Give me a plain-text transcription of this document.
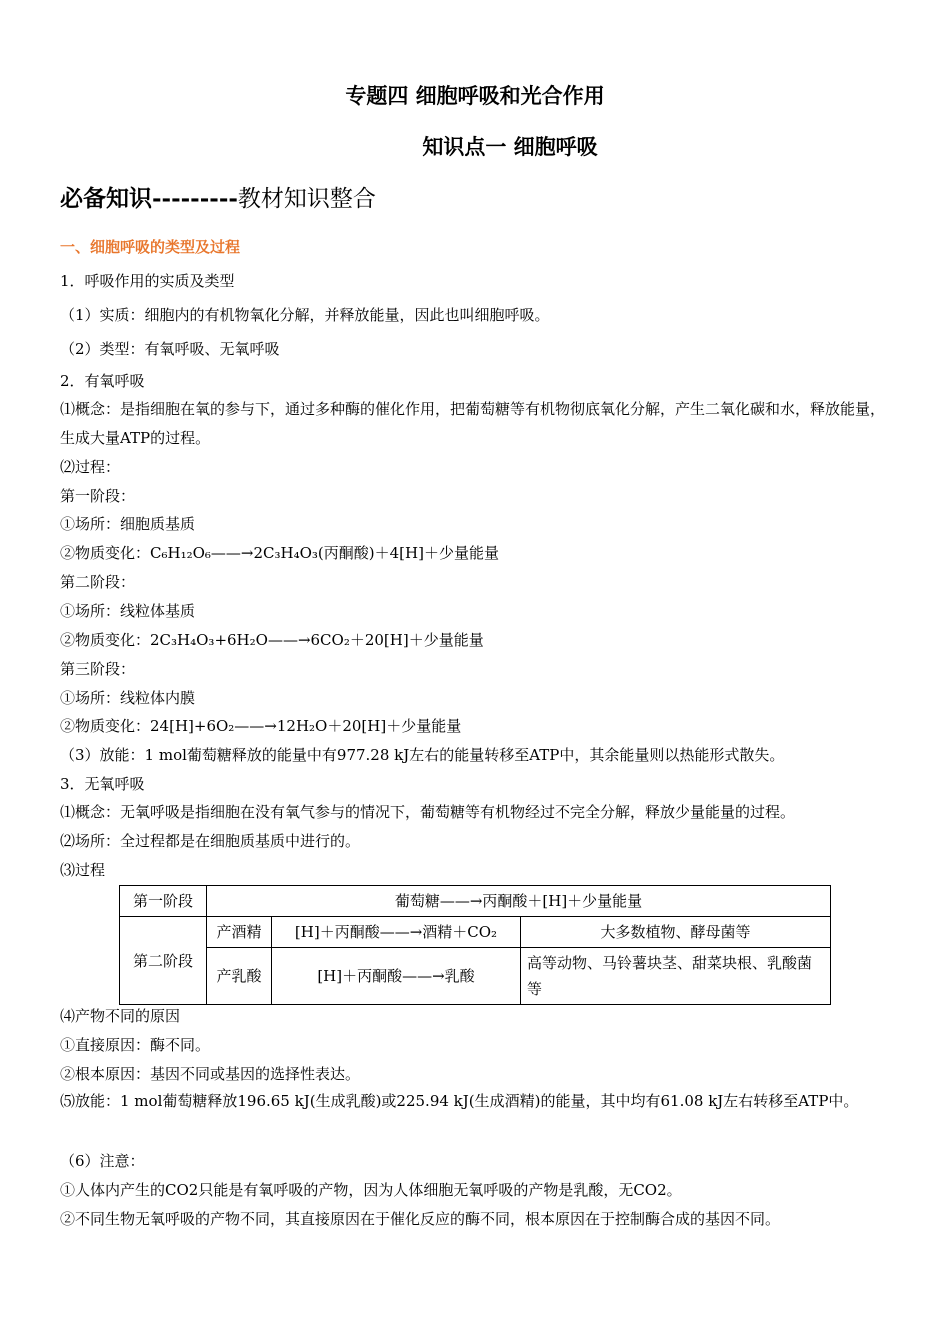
专题四 细胞呼吸和光合作用
知识点一 细胞呼吸
必备知识---------教材知识整合
一、细胞呼吸的类型及过程
1．呼吸作用的实质及类型
（1）实质：细胞内的有机物氧化分解，并释放能量，因此也叫细胞呼吸。
（2）类型：有氧呼吸、无氧呼吸
2．有氧呼吸
⑴概念：是指细胞在氧的参与下，通过多种酶的催化作用，把葡萄糖等有机物彻底氧化分解，产生二氧化碳和水，释放能量，生成大量ATP的过程。
⑵过程：
第一阶段：
①场所：细胞质基质
②物质变化：C₆H₁₂O₆——→2C₃H₄O₃(丙酮酸)＋4[H]＋少量能量
第二阶段：
①场所：线粒体基质
②物质变化：2C₃H₄O₃+6H₂O——→6CO₂＋20[H]＋少量能量
第三阶段：
①场所：线粒体内膜
②物质变化：24[H]+6O₂——→12H₂O＋20[H]＋少量能量
（3）放能：1 mol葡萄糖释放的能量中有977.28 kJ左右的能量转移至ATP中，其余能量则以热能形式散失。
3．无氧呼吸
⑴概念：无氧呼吸是指细胞在没有氧气参与的情况下，葡萄糖等有机物经过不完全分解，释放少量能量的过程。
⑵场所：全过程都是在细胞质基质中进行的。
⑶过程
第一阶段	葡萄糖——→丙酮酸＋[H]＋少量能量		
第二阶段	产酒精	[H]＋丙酮酸——→酒精＋CO₂	大多数植物、酵母菌等
	产乳酸	[H]＋丙酮酸——→乳酸	高等动物、马铃薯块茎、甜菜块根、乳酸菌等
⑷产物不同的原因
①直接原因：酶不同。
②根本原因：基因不同或基因的选择性表达。
⑸放能：1 mol葡萄糖释放196.65 kJ(生成乳酸)或225.94 kJ(生成酒精)的能量，其中均有61.08 kJ左右转移至ATP中。
（6）注意：
①人体内产生的CO2只能是有氧呼吸的产物，因为人体细胞无氧呼吸的产物是乳酸，无CO2。
②不同生物无氧呼吸的产物不同，其直接原因在于催化反应的酶不同，根本原因在于控制酶合成的基因不同。
